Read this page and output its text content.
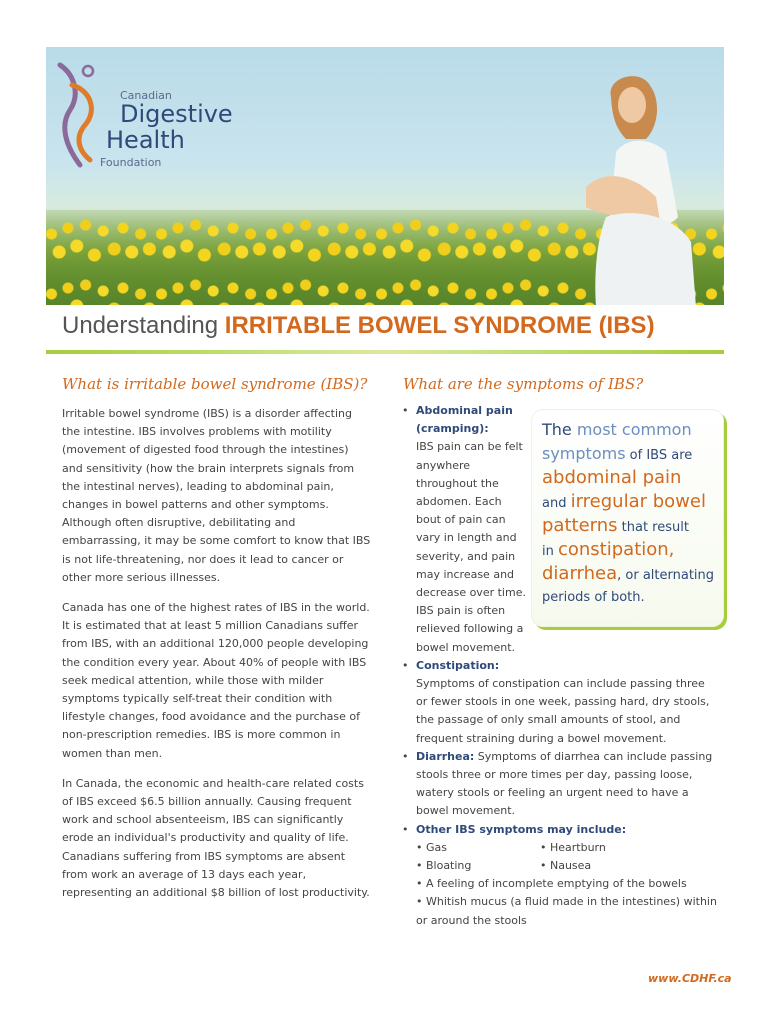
Canadian
Digestive
Health
Foundation
Understanding IRRITABLE BOWEL SYNDROME (IBS)
What is irritable bowel syndrome (IBS)?

Irritable bowel syndrome (IBS) is a disorder affecting the intestine. IBS involves problems with motility (movement of digested food through the intestines) and sensitivity (how the brain interprets signals from the intestinal nerves), leading to abdominal pain, changes in bowel patterns and other symptoms. Although often disruptive, debilitating and embarrassing, it may be some comfort to know that IBS is not life-threatening, nor does it lead to cancer or other more serious illnesses.

Canada has one of the highest rates of IBS in the world. It is estimated that at least 5 million Canadians suffer from IBS, with an additional 120,000 people developing the condition every year. About 40% of people with IBS seek medical attention, while those with milder symptoms typically self-treat their condition with lifestyle changes, food avoidance and the purchase of non-prescription remedies. IBS is more common in women than men.

In Canada, the economic and health-care related costs of IBS exceed $6.5 billion annually. Causing frequent work and school absenteeism, IBS can significantly erode an individual's productivity and quality of life. Canadians suffering from IBS symptoms are absent from work an average of 13 days each year, representing an additional $8 billion of lost productivity.

What are the symptoms of IBS?
• Abdominal pain (cramping):
IBS pain can be felt anywhere throughout the abdomen. Each bout of pain can vary in length and severity, and pain may increase and decrease over time. IBS pain is often relieved following a bowel movement.
• Constipation:
Symptoms of constipation can include passing three or fewer stools in one week, passing hard, dry stools, the passage of only small amounts of stool, and frequent straining during a bowel movement.
• Diarrhea: Symptoms of diarrhea can include passing stools three or more times per day, passing loose, watery stools or feeling an urgent need to have a bowel movement.
• Other IBS symptoms may include:
• Gas	• Heartburn
• Bloating	• Nausea
• A feeling of incomplete emptying of the bowels
• Whitish mucus (a fluid made in the intestines) within or around the stools
The most common
symptoms of IBS are
abdominal pain
and irregular bowel patterns that result
in constipation, diarrhea, or alternating periods of both.
www.CDHF.ca
